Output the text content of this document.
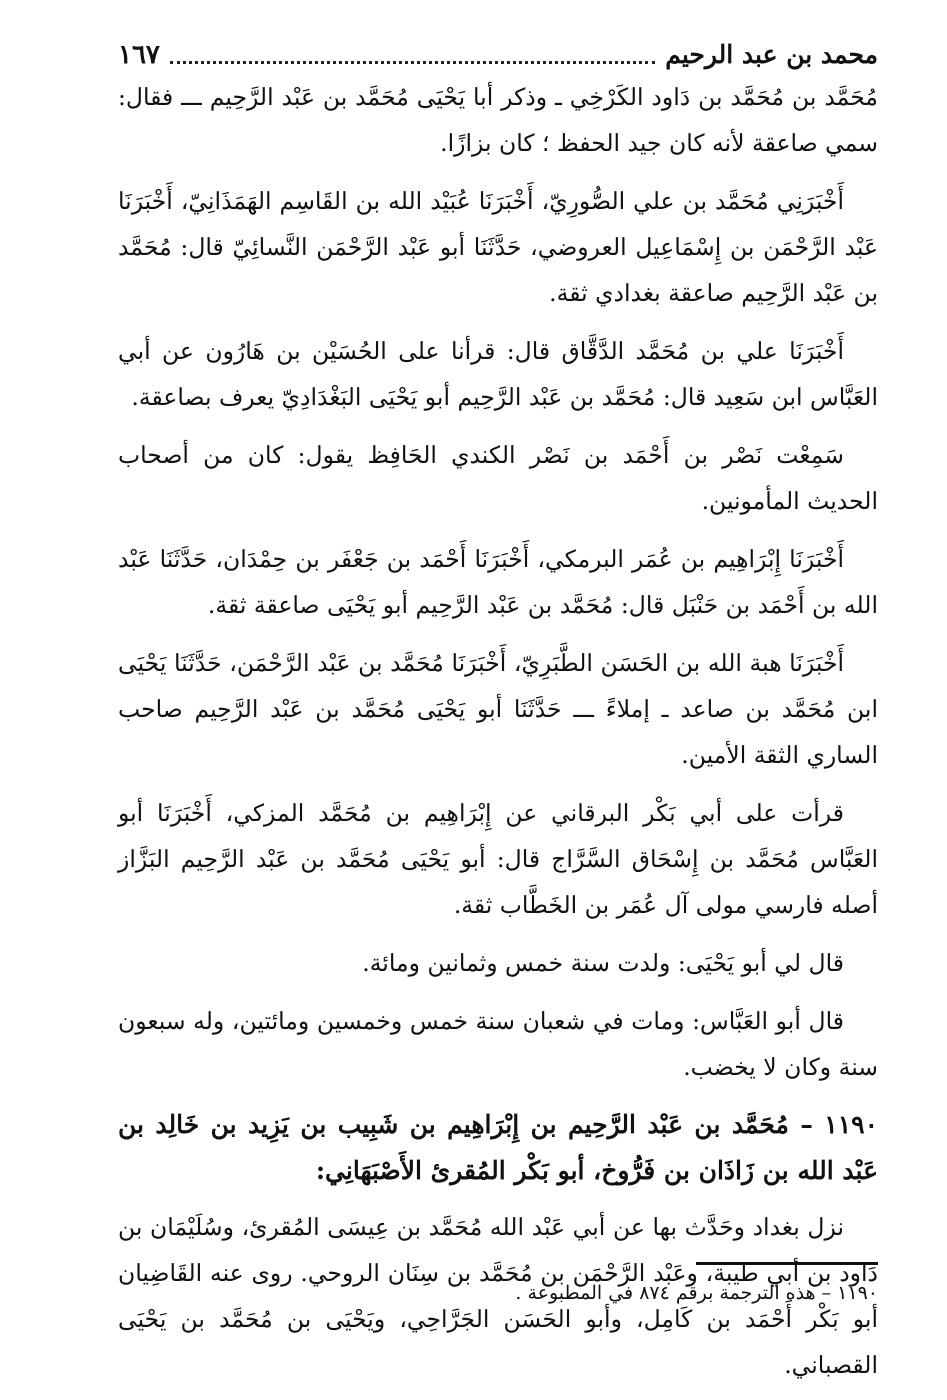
محمد بن عبد الرحيم
١٦٧

مُحَمَّد بن مُحَمَّد بن دَاود الكَرْخِي ـ وذكر أبا يَحْيَى مُحَمَّد بن عَبْد الرَّحِيم ـــ فقال: سمي صاعقة لأنه كان جيد الحفظ ؛ كان بزازًا.

أَخْبَرَنِي مُحَمَّد بن علي الصُّورِيّ، أَخْبَرَنَا عُبَيْد الله بن القَاسِم الهَمَذَانِيّ، أَخْبَرَنَا عَبْد الرَّحْمَن بن إِسْمَاعِيل العروضي، حَدَّثَنَا أبو عَبْد الرَّحْمَن النَّسائِيّ قال: مُحَمَّد بن عَبْد الرَّحِيم صاعقة بغدادي ثقة.

أَخْبَرَنَا علي بن مُحَمَّد الدَّقَّاق قال: قرأنا على الحُسَيْن بن هَارُون عن أبي العَبَّاس ابن سَعِيد قال: مُحَمَّد بن عَبْد الرَّحِيم أبو يَحْيَى البَغْدَادِيّ يعرف بصاعقة.

سَمِعْت نَصْر بن أَحْمَد بن نَصْر الكندي الحَافِظ يقول: كان من أصحاب الحديث المأمونين.

أَخْبَرَنَا إِبْرَاهِيم بن عُمَر البرمكي، أَخْبَرَنَا أَحْمَد بن جَعْفَر بن حِمْدَان، حَدَّثَنَا عَبْد الله بن أَحْمَد بن حَنْبَل قال: مُحَمَّد بن عَبْد الرَّحِيم أبو يَحْيَى صاعقة ثقة.

أَخْبَرَنَا هبة الله بن الحَسَن الطَّبَرِيّ، أَخْبَرَنَا مُحَمَّد بن عَبْد الرَّحْمَن، حَدَّثَنَا يَحْيَى ابن مُحَمَّد بن صاعد ـ إملاءً ـــ حَدَّثَنَا أبو يَحْيَى مُحَمَّد بن عَبْد الرَّحِيم صاحب الساري الثقة الأمين.

قرأت على أبي بَكْر البرقاني عن إِبْرَاهِيم بن مُحَمَّد المزكي، أَخْبَرَنَا أبو العَبَّاس مُحَمَّد بن إِسْحَاق السَّرَّاج قال: أبو يَحْيَى مُحَمَّد بن عَبْد الرَّحِيم البَزَّاز أصله فارسي مولى آل عُمَر بن الخَطَّاب ثقة.

قال لي أبو يَحْيَى: ولدت سنة خمس وثمانين ومائة.

قال أبو العَبَّاس: ومات في شعبان سنة خمس وخمسين ومائتين، وله سبعون سنة وكان لا يخضب.

١١٩٠ – مُحَمَّد بن عَبْد الرَّحِيم بن إِبْرَاهِيم بن شَبِيب بن يَزِيد بن خَالِد بن عَبْد الله بن زَاذَان بن فَرُّوخ، أبو بَكْر المُقرئ الأَصْبَهَانِي:

نزل بغداد وحَدَّث بها عن أبي عَبْد الله مُحَمَّد بن عِيسَى المُقرئ، وسُلَيْمَان بن دَاود بن أبي طيبة، وعَبْد الرَّحْمَن بن مُحَمَّد بن سِنَان الروحي. روى عنه القَاضِيان أبو بَكْر أَحْمَد بن كَامِل، وأبو الحَسَن الجَرَّاحِي، ويَحْيَى بن مُحَمَّد بن يَحْيَى القصباني.

١١٩٠ – هذه الترجمة برقم ٨٧٤ في المطبوعة .
